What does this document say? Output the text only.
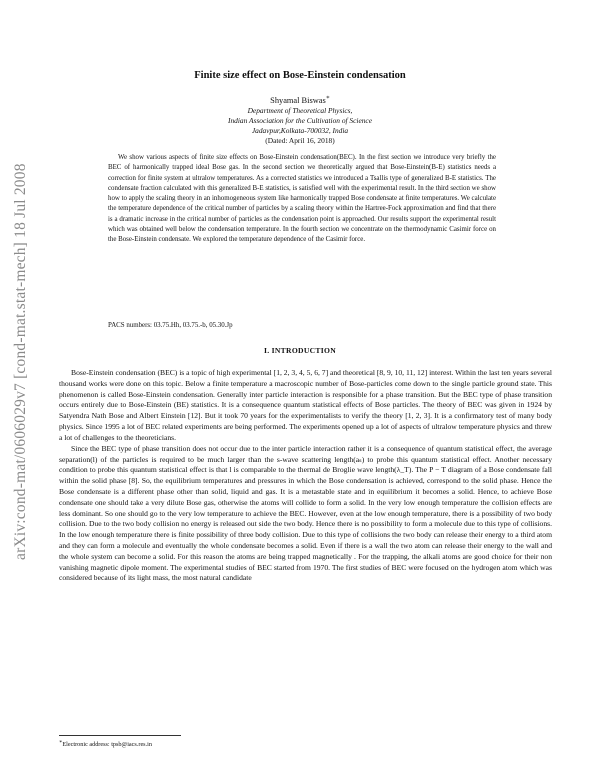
arXiv:cond-mat/0606029v7 [cond-mat.stat-mech] 18 Jul 2008
Finite size effect on Bose-Einstein condensation
Shyamal Biswas∗
Department of Theoretical Physics,
Indian Association for the Cultivation of Science
Jadavpur,Kolkata-700032, India
(Dated: April 16, 2018)
We show various aspects of finite size effects on Bose-Einstein condensation(BEC). In the first section we introduce very briefly the BEC of harmonically trapped ideal Bose gas. In the second section we theoretically argued that Bose-Einstein(B-E) statistics needs a correction for finite system at ultralow temperatures. As a corrected statistics we introduced a Tsallis type of generalized B-E statistics. The condensate fraction calculated with this generalized B-E statistics, is satisfied well with the experimental result. In the third section we show how to apply the scaling theory in an inhomogeneous system like harmonically trapped Bose condensate at finite temperatures. We calculate the temperature dependence of the critical number of particles by a scaling theory within the Hartree-Fock approximation and find that there is a dramatic increase in the critical number of particles as the condensation point is approached. Our results support the experimental result which was obtained well below the condensation temperature. In the fourth section we concentrate on the thermodynamic Casimir force on the Bose-Einstein condensate. We explored the temperature dependence of the Casimir force.
PACS numbers: 03.75.Hh, 03.75.-b, 05.30.Jp
I. INTRODUCTION

Bose-Einstein condensation (BEC) is a topic of high experimental [1, 2, 3, 4, 5, 6, 7] and theoretical [8, 9, 10, 11, 12] interest. Within the last ten years several thousand works were done on this topic. Below a finite temperature a macroscopic number of Bose-particles come down to the single particle ground state. This phenomenon is called Bose-Einstein condensation. Generally inter particle interaction is responsible for a phase transition. But the BEC type of phase transition occurs entirely due to Bose-Einstein (BE) statistics. It is a consequence quantum statistical effects of Bose particles. The theory of BEC was given in 1924 by Satyendra Nath Bose and Albert Einstein [12]. But it took 70 years for the experimentalists to verify the theory [1, 2, 3]. It is a confirmatory test of many body physics. Since 1995 a lot of BEC related experiments are being performed. The experiments opened up a lot of aspects of ultralow temperature physics and threw a lot of challenges to the theoreticians.

Since the BEC type of phase transition does not occur due to the inter particle interaction rather it is a consequence of quantum statistical effect, the average separation(l) of the particles is required to be much larger than the s-wave scattering length(aₛ) to probe this quantum statistical effect. Another necessary condition to probe this quantum statistical effect is that l is comparable to the thermal de Broglie wave length(λ_T). The P − T diagram of a Bose condensate fall within the solid phase [8]. So, the equilibrium temperatures and pressures in which the Bose condensation is achieved, correspond to the solid phase. Hence the Bose condensate is a different phase other than solid, liquid and gas. It is a metastable state and in equilibrium it becomes a solid. Hence, to achieve Bose condensate one should take a very dilute Bose gas, otherwise the atoms will collide to form a solid. In the very low enough temperature the collision effects are less dominant. So one should go to the very low temperature to achieve the BEC. However, even at the low enough temperature, there is a possibility of two body collision. Due to the two body collision no energy is released out side the two body. Hence there is no possibility to form a molecule due to this type of collisions. In the low enough temperature there is finite possibility of three body collision. Due to this type of collisions the two body can release their energy to a third atom and they can form a molecule and eventually the whole condensate becomes a solid. Even if there is a wall the two atom can release their energy to the wall and the whole system can become a solid. For this reason the atoms are being trapped magnetically . For the trapping, the alkali atoms are good choice for their non vanishing magnetic dipole moment. The experimental studies of BEC started from 1970. The first studies of BEC were focused on the hydrogen atom which was considered because of its light mass, the most natural candidate

∗Electronic address: tpsb@iacs.res.in
